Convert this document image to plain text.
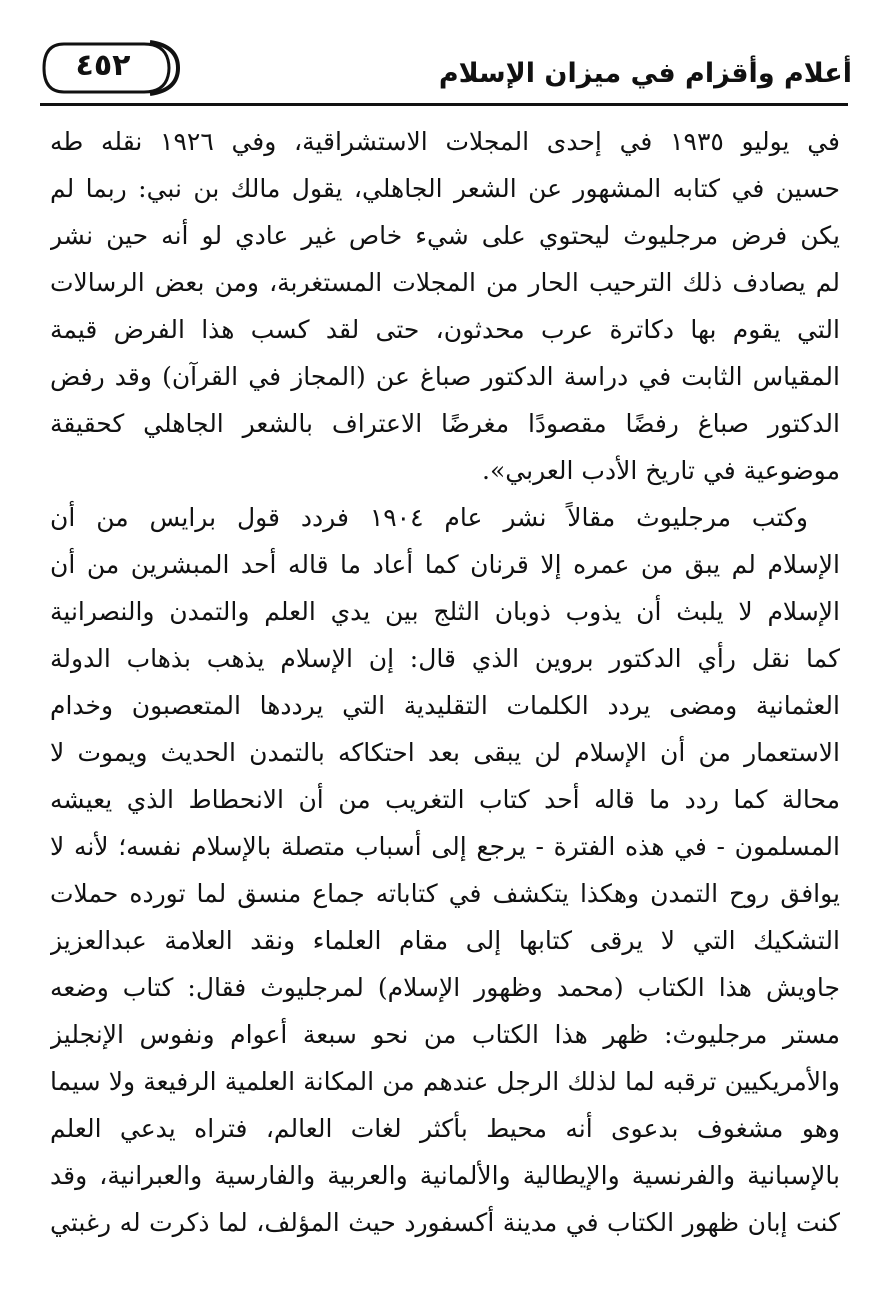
أعلام وأقزام في ميزان الإسلام
٤٥٢
في يوليو ١٩٣٥ في إحدى المجلات الاستشراقية، وفي ١٩٢٦ نقله طه
حسين في كتابه المشهور عن الشعر الجاهلي، يقول مالك بن نبي: ربما لم
يكن فرض مرجليوث ليحتوي على شيء خاص غير عادي لو أنه حين نشر
لم يصادف ذلك الترحيب الحار من المجلات المستغربة، ومن بعض الرسالات
التي يقوم بها دكاترة عرب محدثون، حتى لقد كسب هذا الفرض قيمة
المقياس الثابت في دراسة الدكتور صباغ عن (المجاز في القرآن) وقد رفض
الدكتور صباغ رفضًا مقصودًا مغرضًا الاعتراف بالشعر الجاهلي كحقيقة
موضوعية في تاريخ الأدب العربي».
وكتب مرجليوث مقالاً نشر عام ١٩٠٤ فردد قول برايس من أن
الإسلام لم يبق من عمره إلا قرنان كما أعاد ما قاله أحد المبشرين من أن
الإسلام لا يلبث أن يذوب ذوبان الثلج بين يدي العلم والتمدن والنصرانية
كما نقل رأي الدكتور بروين الذي قال: إن الإسلام يذهب بذهاب الدولة
العثمانية ومضى يردد الكلمات التقليدية التي يرددها المتعصبون وخدام
الاستعمار من أن الإسلام لن يبقى بعد احتكاكه بالتمدن الحديث ويموت لا
محالة كما ردد ما قاله أحد كتاب التغريب من أن الانحطاط الذي يعيشه
المسلمون - في هذه الفترة - يرجع إلى أسباب متصلة بالإسلام نفسه؛ لأنه لا
يوافق روح التمدن وهكذا يتكشف في كتاباته جماع منسق لما تورده حملات
التشكيك التي لا يرقى كتابها إلى مقام العلماء ونقد العلامة عبدالعزيز
جاويش هذا الكتاب (محمد وظهور الإسلام) لمرجليوث فقال: كتاب وضعه
مستر مرجليوث: ظهر هذا الكتاب من نحو سبعة أعوام ونفوس الإنجليز
والأمريكيين ترقبه لما لذلك الرجل عندهم من المكانة العلمية الرفيعة ولا سيما
وهو مشغوف بدعوى أنه محيط بأكثر لغات العالم، فتراه يدعي العلم
بالإسبانية والفرنسية والإيطالية والألمانية والعربية والفارسية والعبرانية، وقد
كنت إبان ظهور الكتاب في مدينة أكسفورد حيث المؤلف، لما ذكرت له رغبتي
